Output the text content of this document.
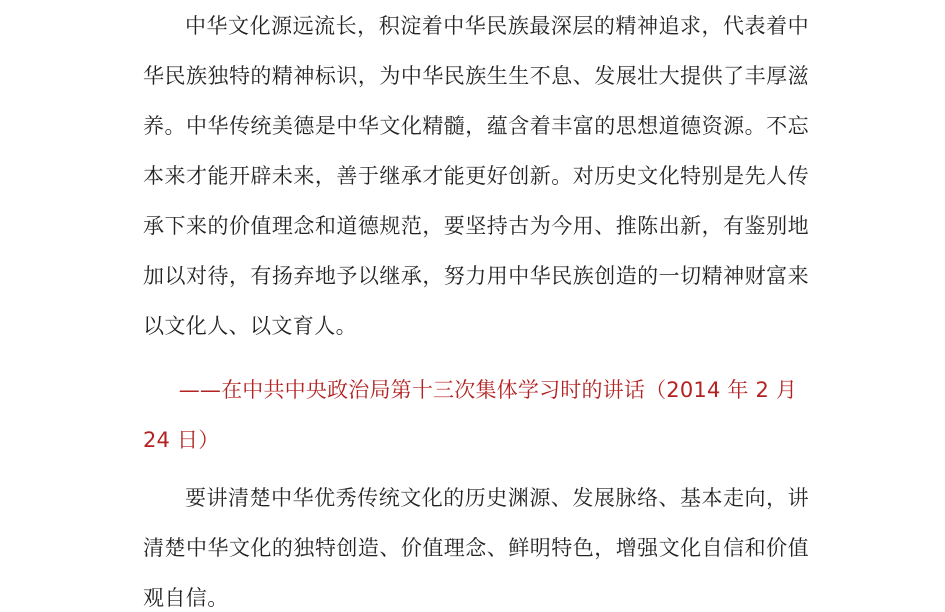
中华文化源远流长，积淀着中华民族最深层的精神追求，代表着中华民族独特的精神标识，为中华民族生生不息、发展壮大提供了丰厚滋养。中华传统美德是中华文化精髓，蕴含着丰富的思想道德资源。不忘本来才能开辟未来，善于继承才能更好创新。对历史文化特别是先人传承下来的价值理念和道德规范，要坚持古为今用、推陈出新，有鉴别地加以对待，有扬弃地予以继承，努力用中华民族创造的一切精神财富来以文化人、以文育人。

——在中共中央政治局第十三次集体学习时的讲话（2014 年 2 月 24 日）

要讲清楚中华优秀传统文化的历史渊源、发展脉络、基本走向，讲清楚中华文化的独特创造、价值理念、鲜明特色，增强文化自信和价值观自信。
